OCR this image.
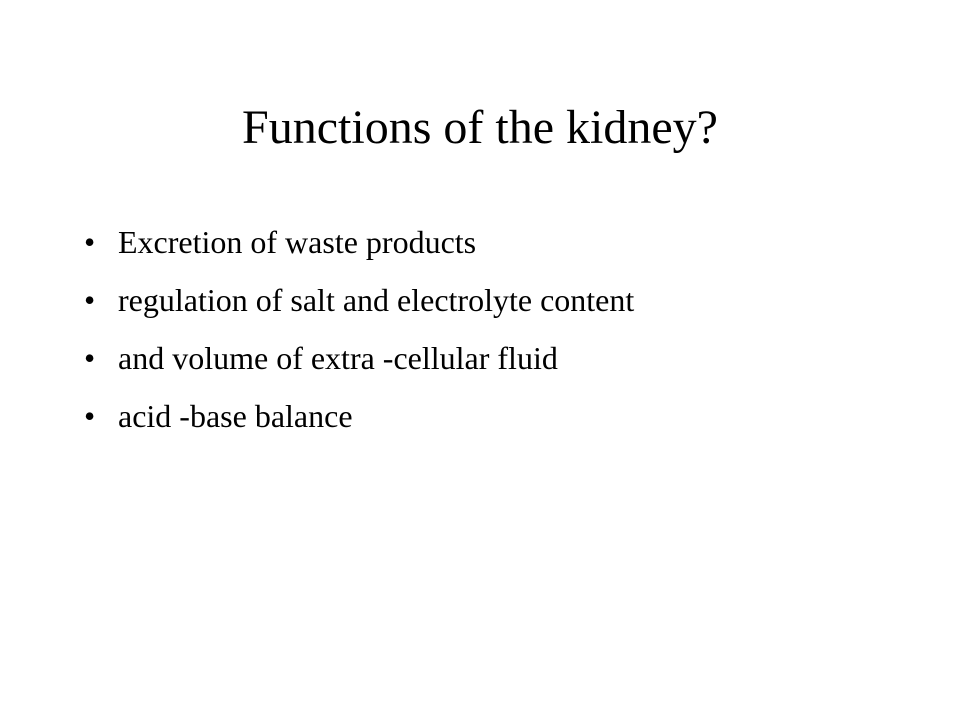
Functions of the kidney?
• Excretion of waste products
• regulation of salt and electrolyte content
• and volume of extra -cellular fluid
• acid -base balance
